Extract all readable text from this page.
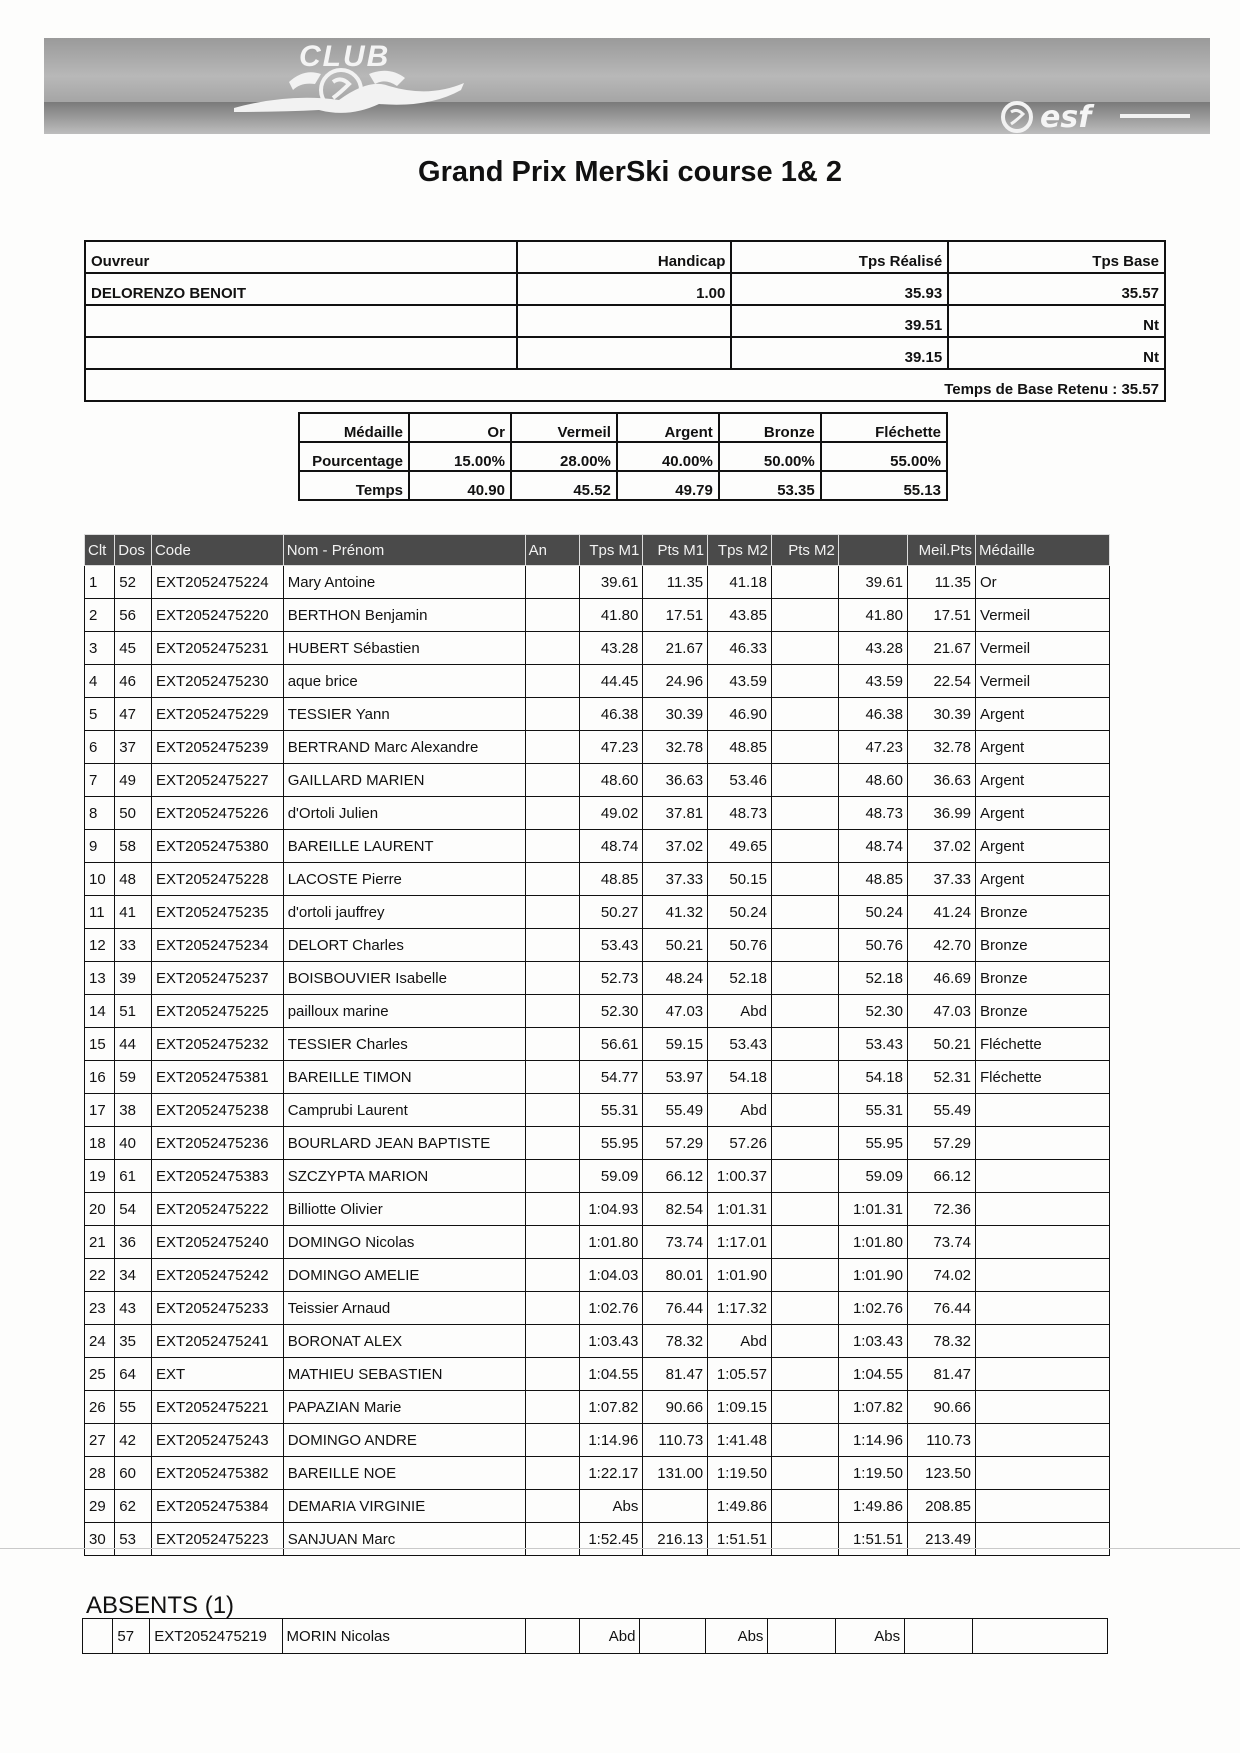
CLUB
esf
Grand Prix MerSki course 1& 2
Ouvreur	Handicap	Tps Réalisé	Tps Base
DELORENZO BENOIT	1.00	35.93	35.57
		39.51	Nt
		39.15	Nt
Temps de Base Retenu : 35.57			
Médaille	Or	Vermeil	Argent	Bronze	Fléchette
Pourcentage	15.00%	28.00%	40.00%	50.00%	55.00%
Temps	40.90	45.52	49.79	53.35	55.13
Clt	Dos	Code	Nom - Prénom	An	Tps M1	Pts M1	Tps M2	Pts M2		Meil.Pts	Médaille
1	52	EXT2052475224	Mary Antoine		39.61	11.35	41.18		39.61	11.35	Or
2	56	EXT2052475220	BERTHON Benjamin		41.80	17.51	43.85		41.80	17.51	Vermeil
3	45	EXT2052475231	HUBERT Sébastien		43.28	21.67	46.33		43.28	21.67	Vermeil
4	46	EXT2052475230	aque brice		44.45	24.96	43.59		43.59	22.54	Vermeil
5	47	EXT2052475229	TESSIER Yann		46.38	30.39	46.90		46.38	30.39	Argent
6	37	EXT2052475239	BERTRAND Marc Alexandre		47.23	32.78	48.85		47.23	32.78	Argent
7	49	EXT2052475227	GAILLARD MARIEN		48.60	36.63	53.46		48.60	36.63	Argent
8	50	EXT2052475226	d'Ortoli Julien		49.02	37.81	48.73		48.73	36.99	Argent
9	58	EXT2052475380	BAREILLE LAURENT		48.74	37.02	49.65		48.74	37.02	Argent
10	48	EXT2052475228	LACOSTE Pierre		48.85	37.33	50.15		48.85	37.33	Argent
11	41	EXT2052475235	d'ortoli jauffrey		50.27	41.32	50.24		50.24	41.24	Bronze
12	33	EXT2052475234	DELORT Charles		53.43	50.21	50.76		50.76	42.70	Bronze
13	39	EXT2052475237	BOISBOUVIER Isabelle		52.73	48.24	52.18		52.18	46.69	Bronze
14	51	EXT2052475225	pailloux marine		52.30	47.03	Abd		52.30	47.03	Bronze
15	44	EXT2052475232	TESSIER Charles		56.61	59.15	53.43		53.43	50.21	Fléchette
16	59	EXT2052475381	BAREILLE TIMON		54.77	53.97	54.18		54.18	52.31	Fléchette
17	38	EXT2052475238	Camprubi Laurent		55.31	55.49	Abd		55.31	55.49	
18	40	EXT2052475236	BOURLARD JEAN BAPTISTE		55.95	57.29	57.26		55.95	57.29	
19	61	EXT2052475383	SZCZYPTA MARION		59.09	66.12	1:00.37		59.09	66.12	
20	54	EXT2052475222	Billiotte Olivier		1:04.93	82.54	1:01.31		1:01.31	72.36	
21	36	EXT2052475240	DOMINGO Nicolas		1:01.80	73.74	1:17.01		1:01.80	73.74	
22	34	EXT2052475242	DOMINGO AMELIE		1:04.03	80.01	1:01.90		1:01.90	74.02	
23	43	EXT2052475233	Teissier Arnaud		1:02.76	76.44	1:17.32		1:02.76	76.44	
24	35	EXT2052475241	BORONAT ALEX		1:03.43	78.32	Abd		1:03.43	78.32	
25	64	EXT	MATHIEU SEBASTIEN		1:04.55	81.47	1:05.57		1:04.55	81.47	
26	55	EXT2052475221	PAPAZIAN Marie		1:07.82	90.66	1:09.15		1:07.82	90.66	
27	42	EXT2052475243	DOMINGO ANDRE		1:14.96	110.73	1:41.48		1:14.96	110.73	
28	60	EXT2052475382	BAREILLE NOE		1:22.17	131.00	1:19.50		1:19.50	123.50	
29	62	EXT2052475384	DEMARIA VIRGINIE		Abs		1:49.86		1:49.86	208.85	
30	53	EXT2052475223	SANJUAN Marc		1:52.45	216.13	1:51.51		1:51.51	213.49	
ABSENTS (1)
	57	EXT2052475219	MORIN Nicolas		Abd		Abs		Abs		
